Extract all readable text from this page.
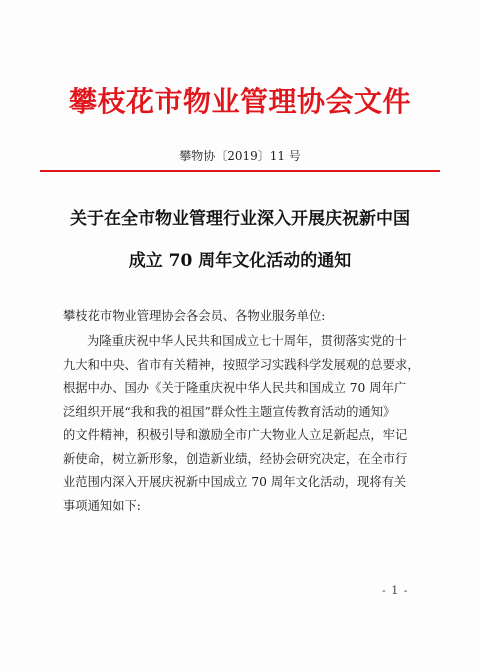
攀枝花市物业管理协会文件
攀物协〔2019〕11 号
关于在全市物业管理行业深入开展庆祝新中国
成立 70 周年文化活动的通知
攀枝花市物业管理协会各会员、各物业服务单位:
为隆重庆祝中华人民共和国成立七十周年，贯彻落实党的十
九大和中央、省市有关精神，按照学习实践科学发展观的总要求，
根据中办、国办《关于隆重庆祝中华人民共和国成立 70 周年广
泛组织开展“我和我的祖国”群众性主题宣传教育活动的通知》
的文件精神，积极引导和激励全市广大物业人立足新起点，牢记
新使命，树立新形象，创造新业绩，经协会研究决定，在全市行
业范围内深入开展庆祝新中国成立 70 周年文化活动，现将有关
事项通知如下:
- 1 -
